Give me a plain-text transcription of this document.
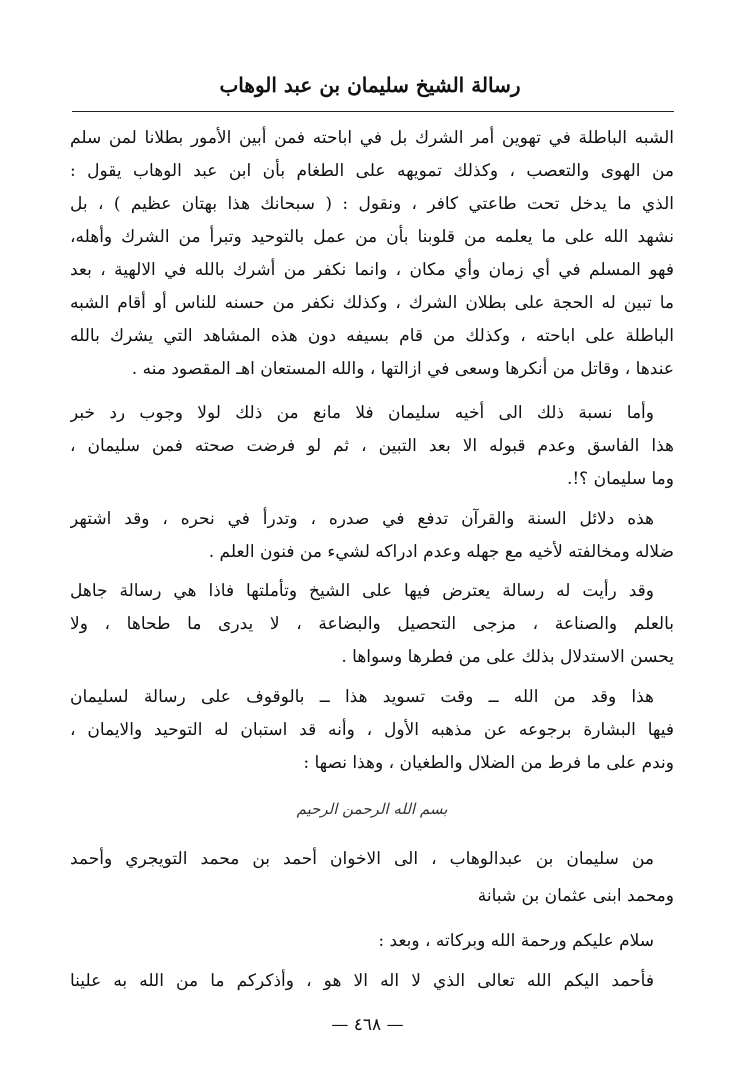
رسالة الشيخ سليمان بن عبد الوهاب
الشبه الباطلة في تهوين أمر الشرك بل في اباحته فمن أبين الأمور بطلانا لمن سلم
من الهوى والتعصب ، وكذلك تمويهه على الطغام بأن ابن عبد الوهاب يقول :
الذي ما يدخل تحت طاعتي كافر ، ونقول : ( سبحانك هذا بهتان عظيم ) ، بل
نشهد الله على ما يعلمه من قلوبنا بأن من عمل بالتوحيد وتبرأ من الشرك وأهله،
فهو المسلم في أي زمان وأي مكان ، وانما نكفر من أشرك بالله في الالهية ، بعد
ما تبين له الحجة على بطلان الشرك ، وكذلك نكفر من حسنه للناس أو أقام الشبه
الباطلة على اباحته ، وكذلك من قام بسيفه دون هذه المشاهد التي يشرك بالله
عندها ، وقاتل من أنكرها وسعى في ازالتها ، والله المستعان اهـ المقصود منه .
وأما نسبة ذلك الى أخيه سليمان فلا مانع من ذلك لولا وجوب رد خبر
هذا الفاسق وعدم قبوله الا بعد التبين ، ثم لو فرضت صحته فمن سليمان ،
وما سليمان ؟!.
هذه دلائل السنة والقرآن تدفع في صدره ، وتدرأ في نحره ، وقد اشتهر
ضلاله ومخالفته لأخيه مع جهله وعدم ادراكه لشيء من فنون العلم .
وقد رأيت له رسالة يعترض فيها على الشيخ وتأملتها فاذا هي رسالة جاهل
بالعلم والصناعة ، مزجى التحصيل والبضاعة ، لا يدرى ما طحاها ، ولا
يحسن الاستدلال بذلك على من فطرها وسواها .
هذا وقد من الله ــ وقت تسويد هذا ــ بالوقوف على رسالة لسليمان
فيها البشارة برجوعه عن مذهبه الأول ، وأنه قد استبان له التوحيد والايمان ،
وندم على ما فرط من الضلال والطغيان ، وهذا نصها :
بسم الله الرحمن الرحيم
من سليمان بن عبدالوهاب ، الى الاخوان أحمد بن محمد التويجري وأحمد
ومحمد ابنى عثمان بن شبانة
سلام عليكم ورحمة الله وبركاته ، وبعد :
فأحمد اليكم الله تعالى الذي لا اله الا هو ، وأذكركم ما من الله به علينا
— ٤٦٨ —
